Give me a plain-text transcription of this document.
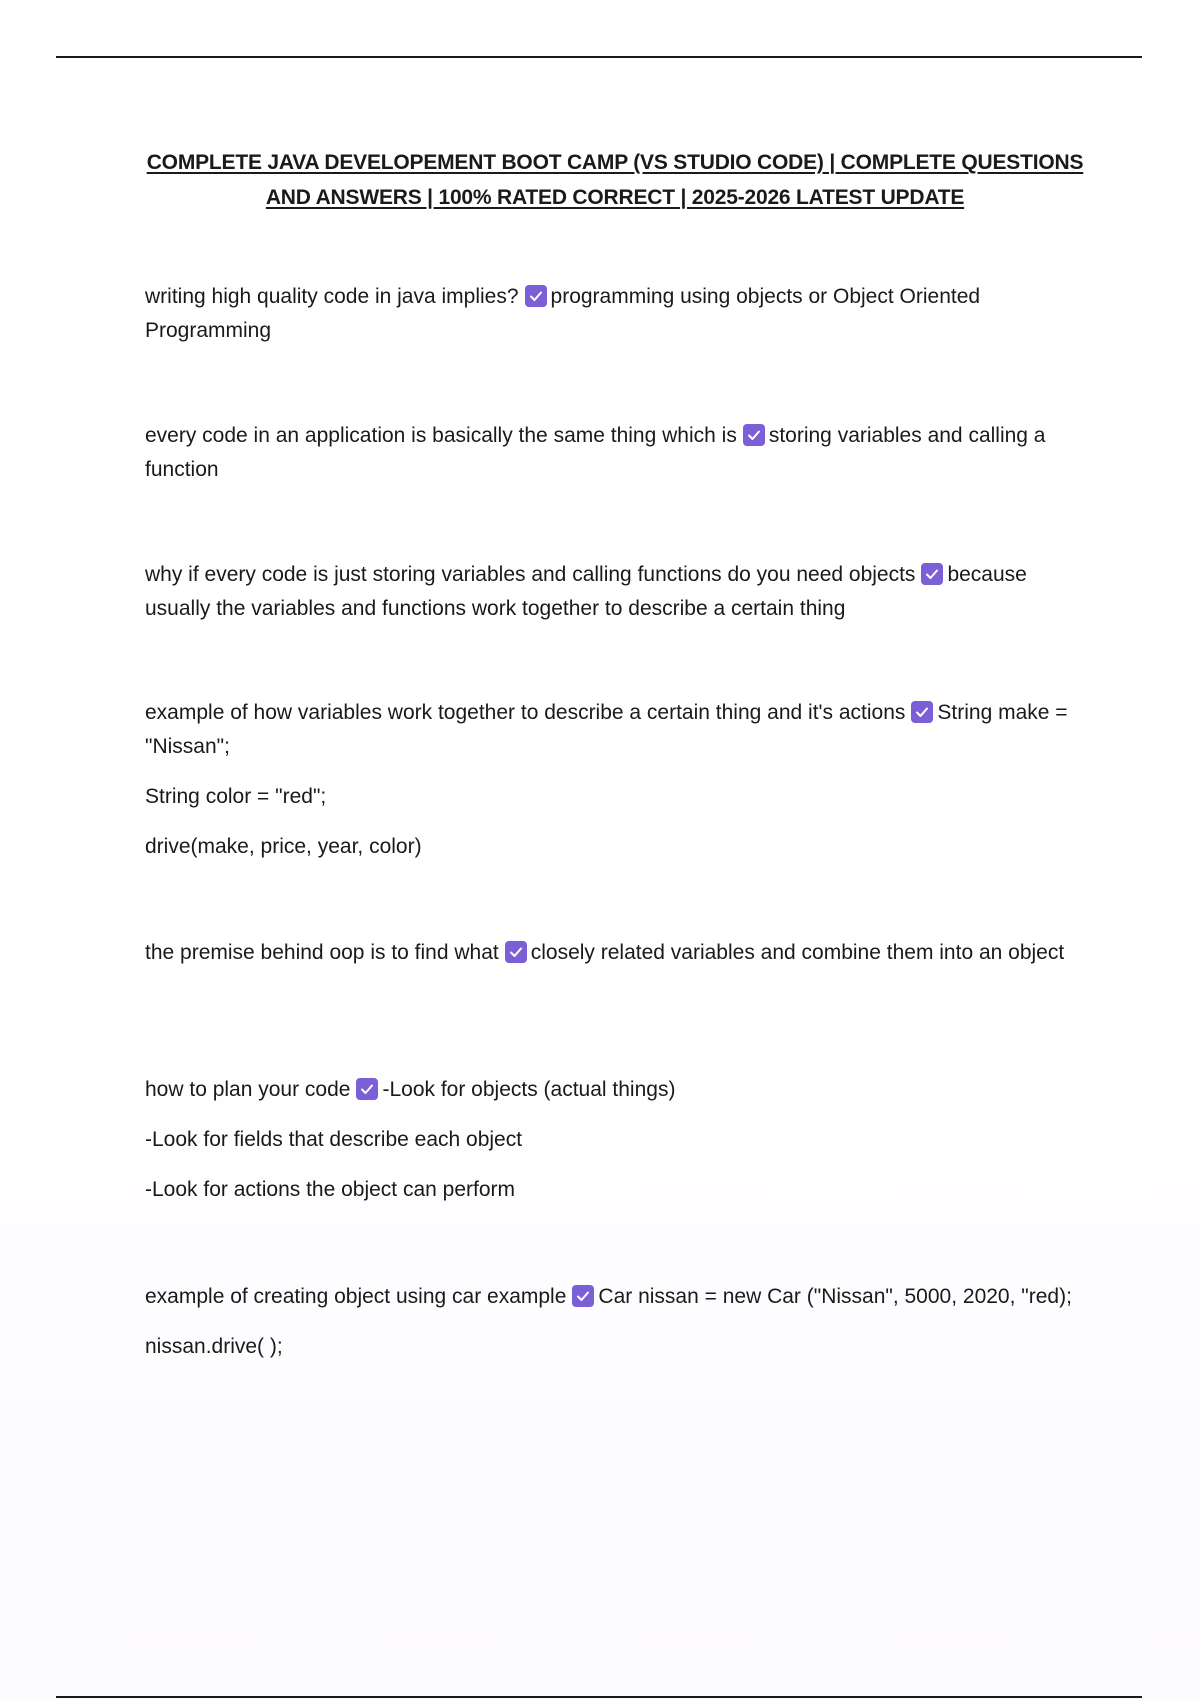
COMPLETE JAVA DEVELOPEMENT BOOT CAMP (VS STUDIO CODE) | COMPLETE QUESTIONS AND ANSWERS | 100% RATED CORRECT | 2025-2026 LATEST UPDATE

writing high quality code in java implies? programming using objects or Object Oriented Programming

every code in an application is basically the same thing which is storing variables and calling a function

why if every code is just storing variables and calling functions do you need objects because usually the variables and functions work together to describe a certain thing

example of how variables work together to describe a certain thing and it's actions String make = "Nissan";

String color = "red";

drive(make, price, year, color)

the premise behind oop is to find what closely related variables and combine them into an object

how to plan your code -Look for objects (actual things)

-Look for fields that describe each object

-Look for actions the object can perform

example of creating object using car example Car nissan = new Car ("Nissan", 5000, 2020, "red);

nissan.drive( );
